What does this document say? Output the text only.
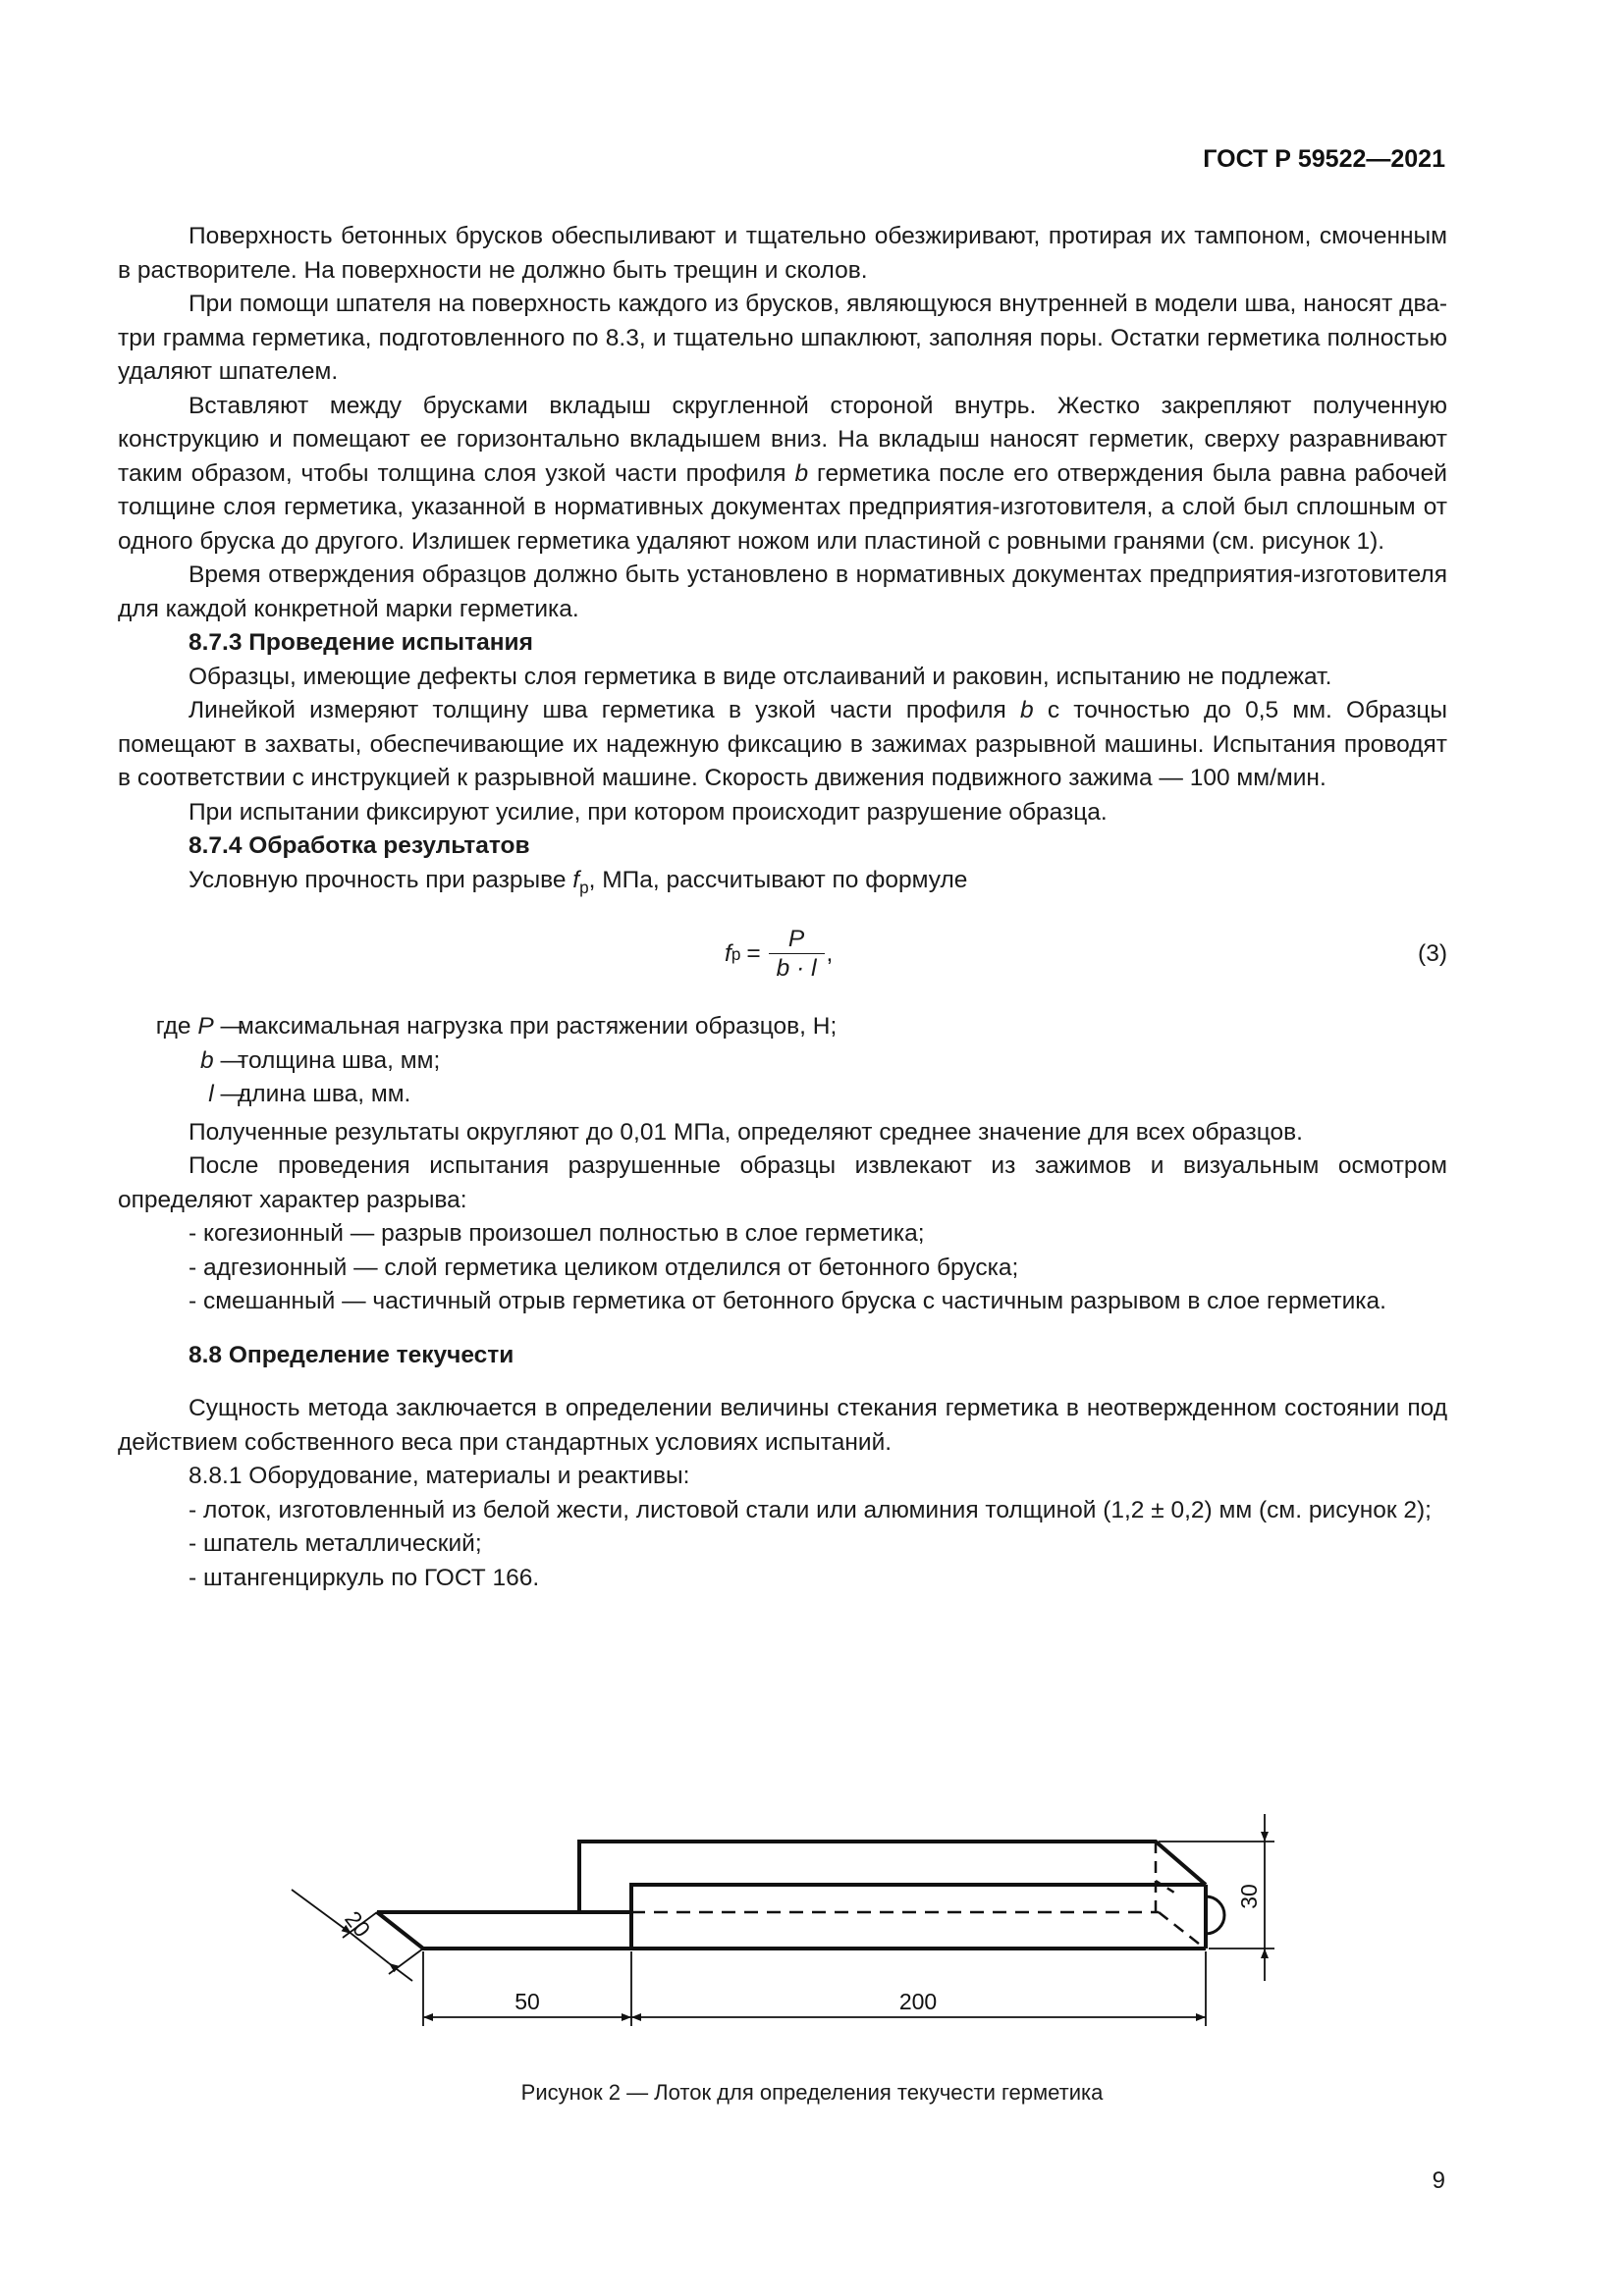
ГОСТ Р 59522—2021

Поверхность бетонных брусков обеспыливают и тщательно обезжиривают, протирая их тампоном, смоченным в растворителе. На поверхности не должно быть трещин и сколов.

При помощи шпателя на поверхность каждого из брусков, являющуюся внутренней в модели шва, наносят два-три грамма герметика, подготовленного по 8.3, и тщательно шпаклюют, заполняя поры. Остатки герметика полностью удаляют шпателем.

Вставляют между брусками вкладыш скругленной стороной внутрь. Жестко закрепляют полученную конструкцию и помещают ее горизонтально вкладышем вниз. На вкладыш наносят герметик, сверху разравнивают таким образом, чтобы толщина слоя узкой части профиля b герметика после его отверждения была равна рабочей толщине слоя герметика, указанной в нормативных документах предприятия-изготовителя, а слой был сплошным от одного бруска до другого. Излишек герметика удаляют ножом или пластиной с ровными гранями (см. рисунок 1).

Время отверждения образцов должно быть установлено в нормативных документах предприятия-изготовителя для каждой конкретной марки герметика.

8.7.3 Проведение испытания

Образцы, имеющие дефекты слоя герметика в виде отслаиваний и раковин, испытанию не подлежат.

Линейкой измеряют толщину шва герметика в узкой части профиля b с точностью до 0,5 мм. Образцы помещают в захваты, обеспечивающие их надежную фиксацию в зажимах разрывной машины. Испытания проводят в соответствии с инструкцией к разрывной машине. Скорость движения подвижного зажима — 100 мм/мин.

При испытании фиксируют усилие, при котором происходит разрушение образца.

8.7.4 Обработка результатов

Условную прочность при разрыве $f_р$, МПа, рассчитывают по формуле

f $р = \frac{P}{b \cdot l}$ ,	(3)
где P —
максимальная нагрузка при растяжении образцов, Н;
b —
толщина шва, мм;
l —
длина шва, мм.

Полученные результаты округляют до 0,01 МПа, определяют среднее значение для всех образцов.

После проведения испытания разрушенные образцы извлекают из зажимов и визуальным осмотром определяют характер разрыва:

- когезионный — разрыв произошел полностью в слое герметика;

- адгезионный — слой герметика целиком отделился от бетонного бруска;

- смешанный — частичный отрыв герметика от бетонного бруска с частичным разрывом в слое герметика.

8.8 Определение текучести

Сущность метода заключается в определении величины стекания герметика в неотвержденном состоянии под действием собственного веса при стандартных условиях испытаний.

8.8.1 Оборудование, материалы и реактивы:

- лоток, изготовленный из белой жести, листовой стали или алюминия толщиной (1,2 ± 0,2) мм (см. рисунок 2);

- шпатель металлический;

- штангенциркуль по ГОСТ 166.

50	200
30
20
Рисунок 2 — Лоток для определения текучести герметика
9
